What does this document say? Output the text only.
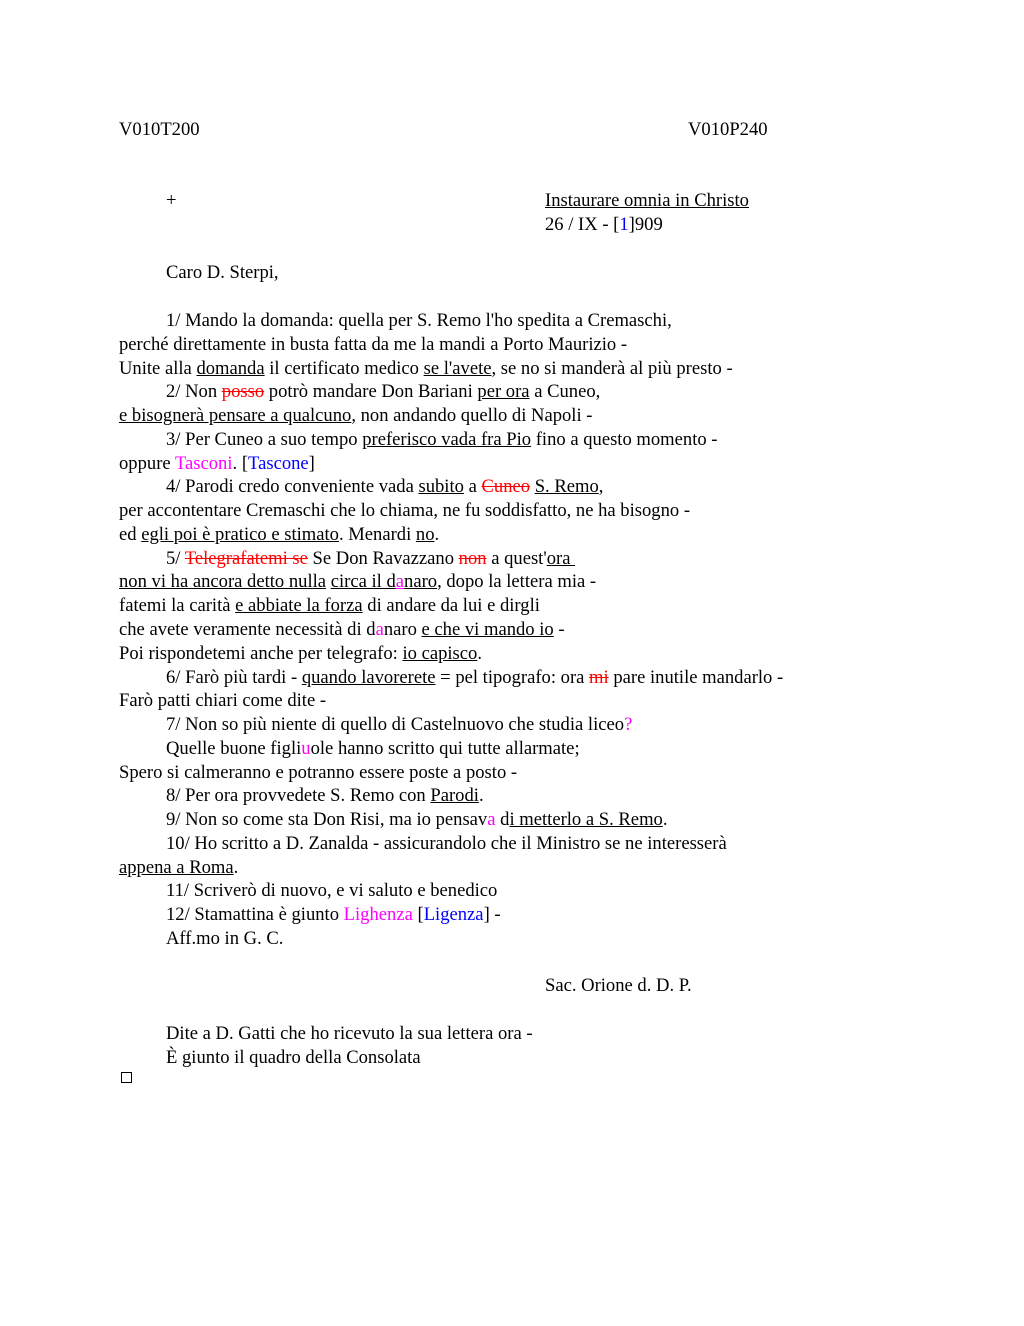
V010T200	V010P240
+	Instaurare omnia in Christo
26 / IX - [1]909
Caro D. Sterpi,
1/ Mando la domanda: quella per S. Remo l'ho spedita a Cremaschi,
perché direttamente in busta fatta da me la mandi a Porto Maurizio -
Unite alla domanda il certificato medico se l'avete, se no si manderà al più presto -
2/ Non posso potrò mandare Don Bariani per ora a Cuneo,
e bisognerà pensare a qualcuno, non andando quello di Napoli -
3/ Per Cuneo a suo tempo preferisco vada fra Pio fino a questo momento -
oppure Tasconi. [Tascone]
4/ Parodi credo conveniente vada subito a Cuneo S. Remo,
per accontentare Cremaschi che lo chiama, ne fu soddisfatto, ne ha bisogno -
ed egli poi è pratico e stimato. Menardi no.
5/ Telegrafatemi se Se Don Ravazzano non a quest'ora
non vi ha ancora detto nulla circa il danaro, dopo la lettera mia -
fatemi la carità e abbiate la forza di andare da lui e dirgli
che avete veramente necessità di danaro e che vi mando io -
Poi rispondetemi anche per telegrafo: io capisco.
6/ Farò più tardi - quando lavorerete = pel tipografo: ora mi pare inutile mandarlo -
Farò patti chiari come dite -
7/ Non so più niente di quello di Castelnuovo che studia liceo?
Quelle buone figliuole hanno scritto qui tutte allarmate;
Spero si calmeranno e potranno essere poste a posto -
8/ Per ora provvedete S. Remo con Parodi.
9/ Non so come sta Don Risi, ma io pensava di metterlo a S. Remo.
10/ Ho scritto a D. Zanalda - assicurandolo che il Ministro se ne interesserà
appena a Roma.
11/ Scriverò di nuovo, e vi saluto e benedico
12/ Stamattina è giunto Lighenza [Ligenza] -
Aff.mo in G. C.
Sac. Orione d. D. P.
Dite a D. Gatti che ho ricevuto la sua lettera ora -
È giunto il quadro della Consolata
